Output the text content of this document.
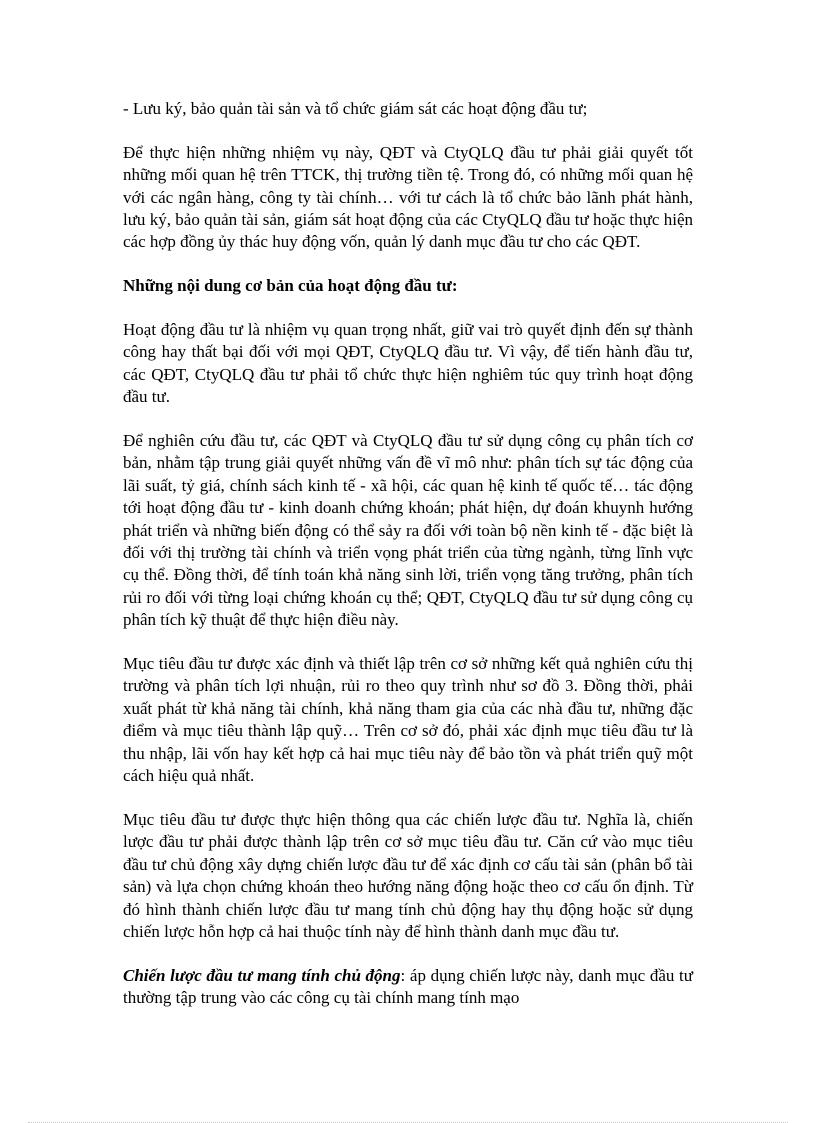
- Lưu ký, bảo quản tài sản và tổ chức giám sát các hoạt động đầu tư;

Để thực hiện những nhiệm vụ này, QĐT và CtyQLQ đầu tư phải giải quyết tốt những mối quan hệ trên TTCK, thị trường tiền tệ. Trong đó, có những mối quan hệ với các ngân hàng, công ty tài chính… với tư cách là tổ chức bảo lãnh phát hành, lưu ký, bảo quản tài sản, giám sát hoạt động của các CtyQLQ đầu tư hoặc thực hiện các hợp đồng ủy thác huy động vốn, quản lý danh mục đầu tư cho các QĐT.

Những nội dung cơ bản của hoạt động đầu tư:

Hoạt động đầu tư là nhiệm vụ quan trọng nhất, giữ vai trò quyết định đến sự thành công hay thất bại đối với mọi QĐT, CtyQLQ đầu tư. Vì vậy, để tiến hành đầu tư, các QĐT, CtyQLQ đầu tư phải tổ chức thực hiện nghiêm túc quy trình hoạt động đầu tư.

Để nghiên cứu đầu tư, các QĐT và CtyQLQ đầu tư sử dụng công cụ phân tích cơ bản, nhằm tập trung giải quyết những vấn đề vĩ mô như: phân tích sự tác động của lãi suất, tỷ giá, chính sách kinh tế - xã hội, các quan hệ kinh tế quốc tế… tác động tới hoạt động đầu tư - kinh doanh chứng khoán; phát hiện, dự đoán khuynh hướng phát triển và những biến động có thể sảy ra đối với toàn bộ nền kinh tế - đặc biệt là đối với thị trường tài chính và triển vọng phát triển của từng ngành, từng lĩnh vực cụ thể. Đồng thời, để tính toán khả năng sinh lời, triển vọng tăng trưởng, phân tích rủi ro đối với từng loại chứng khoán cụ thể; QĐT, CtyQLQ đầu tư sử dụng công cụ phân tích kỹ thuật để thực hiện điều này.

Mục tiêu đầu tư được xác định và thiết lập trên cơ sở những kết quả nghiên cứu thị trường và phân tích lợi nhuận, rủi ro theo quy trình như sơ đồ 3. Đồng thời, phải xuất phát từ khả năng tài chính, khả năng tham gia của các nhà đầu tư, những đặc điểm và mục tiêu thành lập quỹ… Trên cơ sở đó, phải xác định mục tiêu đầu tư là thu nhập, lãi vốn hay kết hợp cả hai mục tiêu này để bảo tồn và phát triển quỹ một cách hiệu quả nhất.

Mục tiêu đầu tư được thực hiện thông qua các chiến lược đầu tư. Nghĩa là, chiến lược đầu tư phải được thành lập trên cơ sở mục tiêu đầu tư. Căn cứ vào mục tiêu đầu tư chủ động xây dựng chiến lược đầu tư để xác định cơ cấu tài sản (phân bổ tài sản) và lựa chọn chứng khoán theo hướng năng động hoặc theo cơ cấu ổn định. Từ đó hình thành chiến lược đầu tư mang tính chủ động hay thụ động hoặc sử dụng chiến lược hỗn hợp cả hai thuộc tính này để hình thành danh mục đầu tư.

Chiến lược đầu tư mang tính chủ động: áp dụng chiến lược này, danh mục đầu tư thường tập trung vào các công cụ tài chính mang tính mạo
